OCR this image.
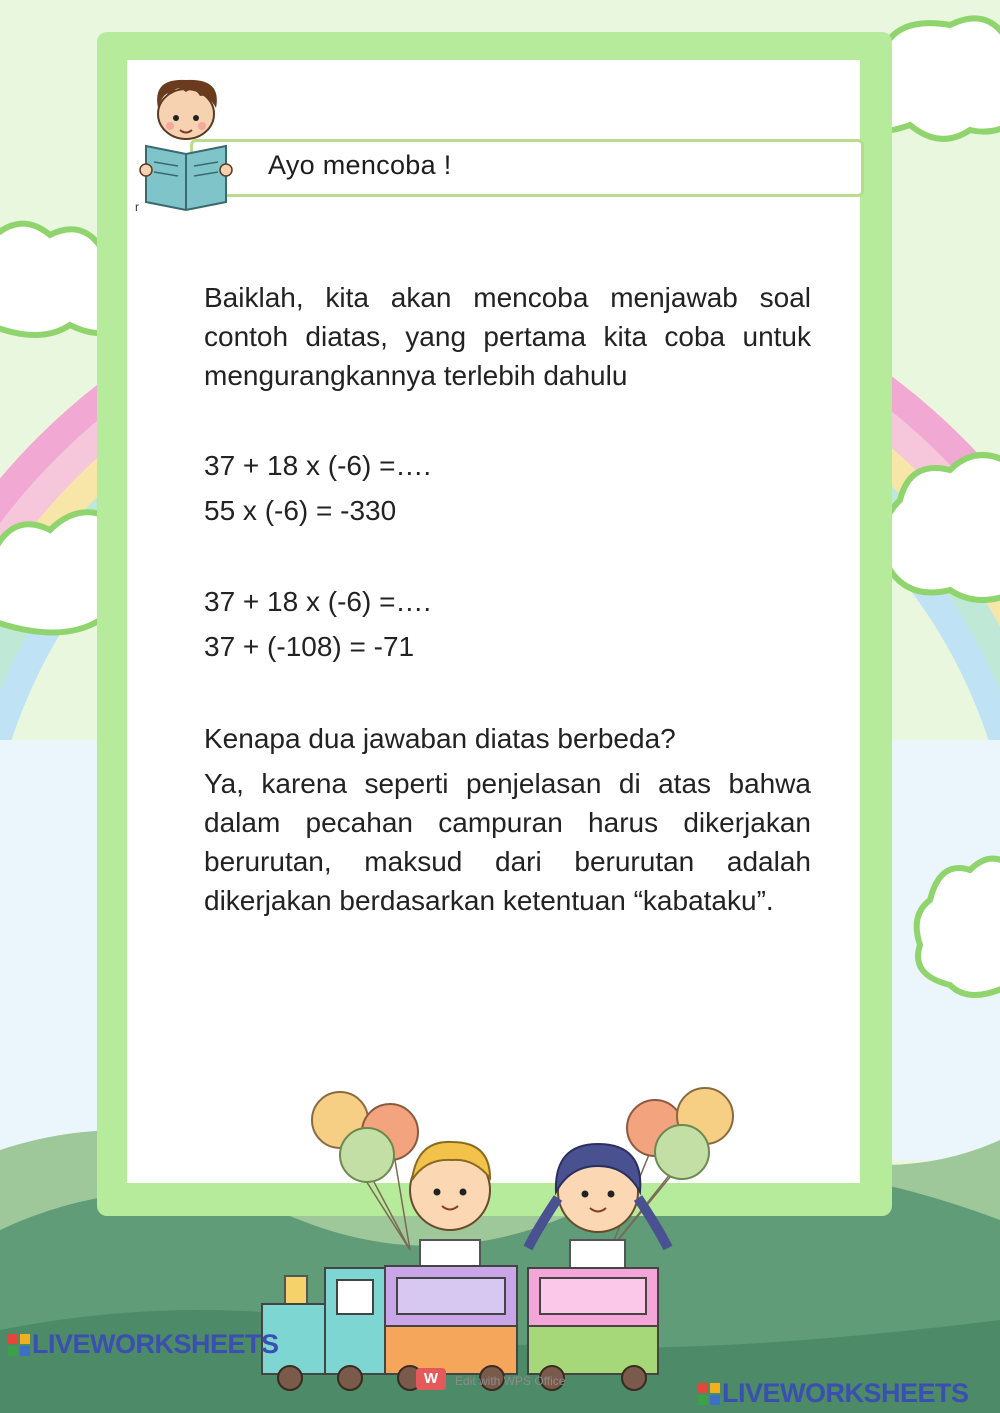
Ayo mencoba !
r
Baiklah, kita akan mencoba menjawab soal contoh diatas, yang pertama kita coba untuk mengurangkannya terlebih dahulu
37 + 18 x (-6) =….
55 x (-6) = -330
37 + 18 x (-6) =….
37 + (-108) = -71
Kenapa dua jawaban diatas berbeda?
Ya, karena seperti penjelasan di atas bahwa dalam pecahan campuran harus dikerjakan berurutan, maksud dari berurutan adalah dikerjakan berdasarkan ketentuan “kabataku”.
LIVEWORKSHEETS
LIVEWORKSHEETS
W	Edit with WPS Office
